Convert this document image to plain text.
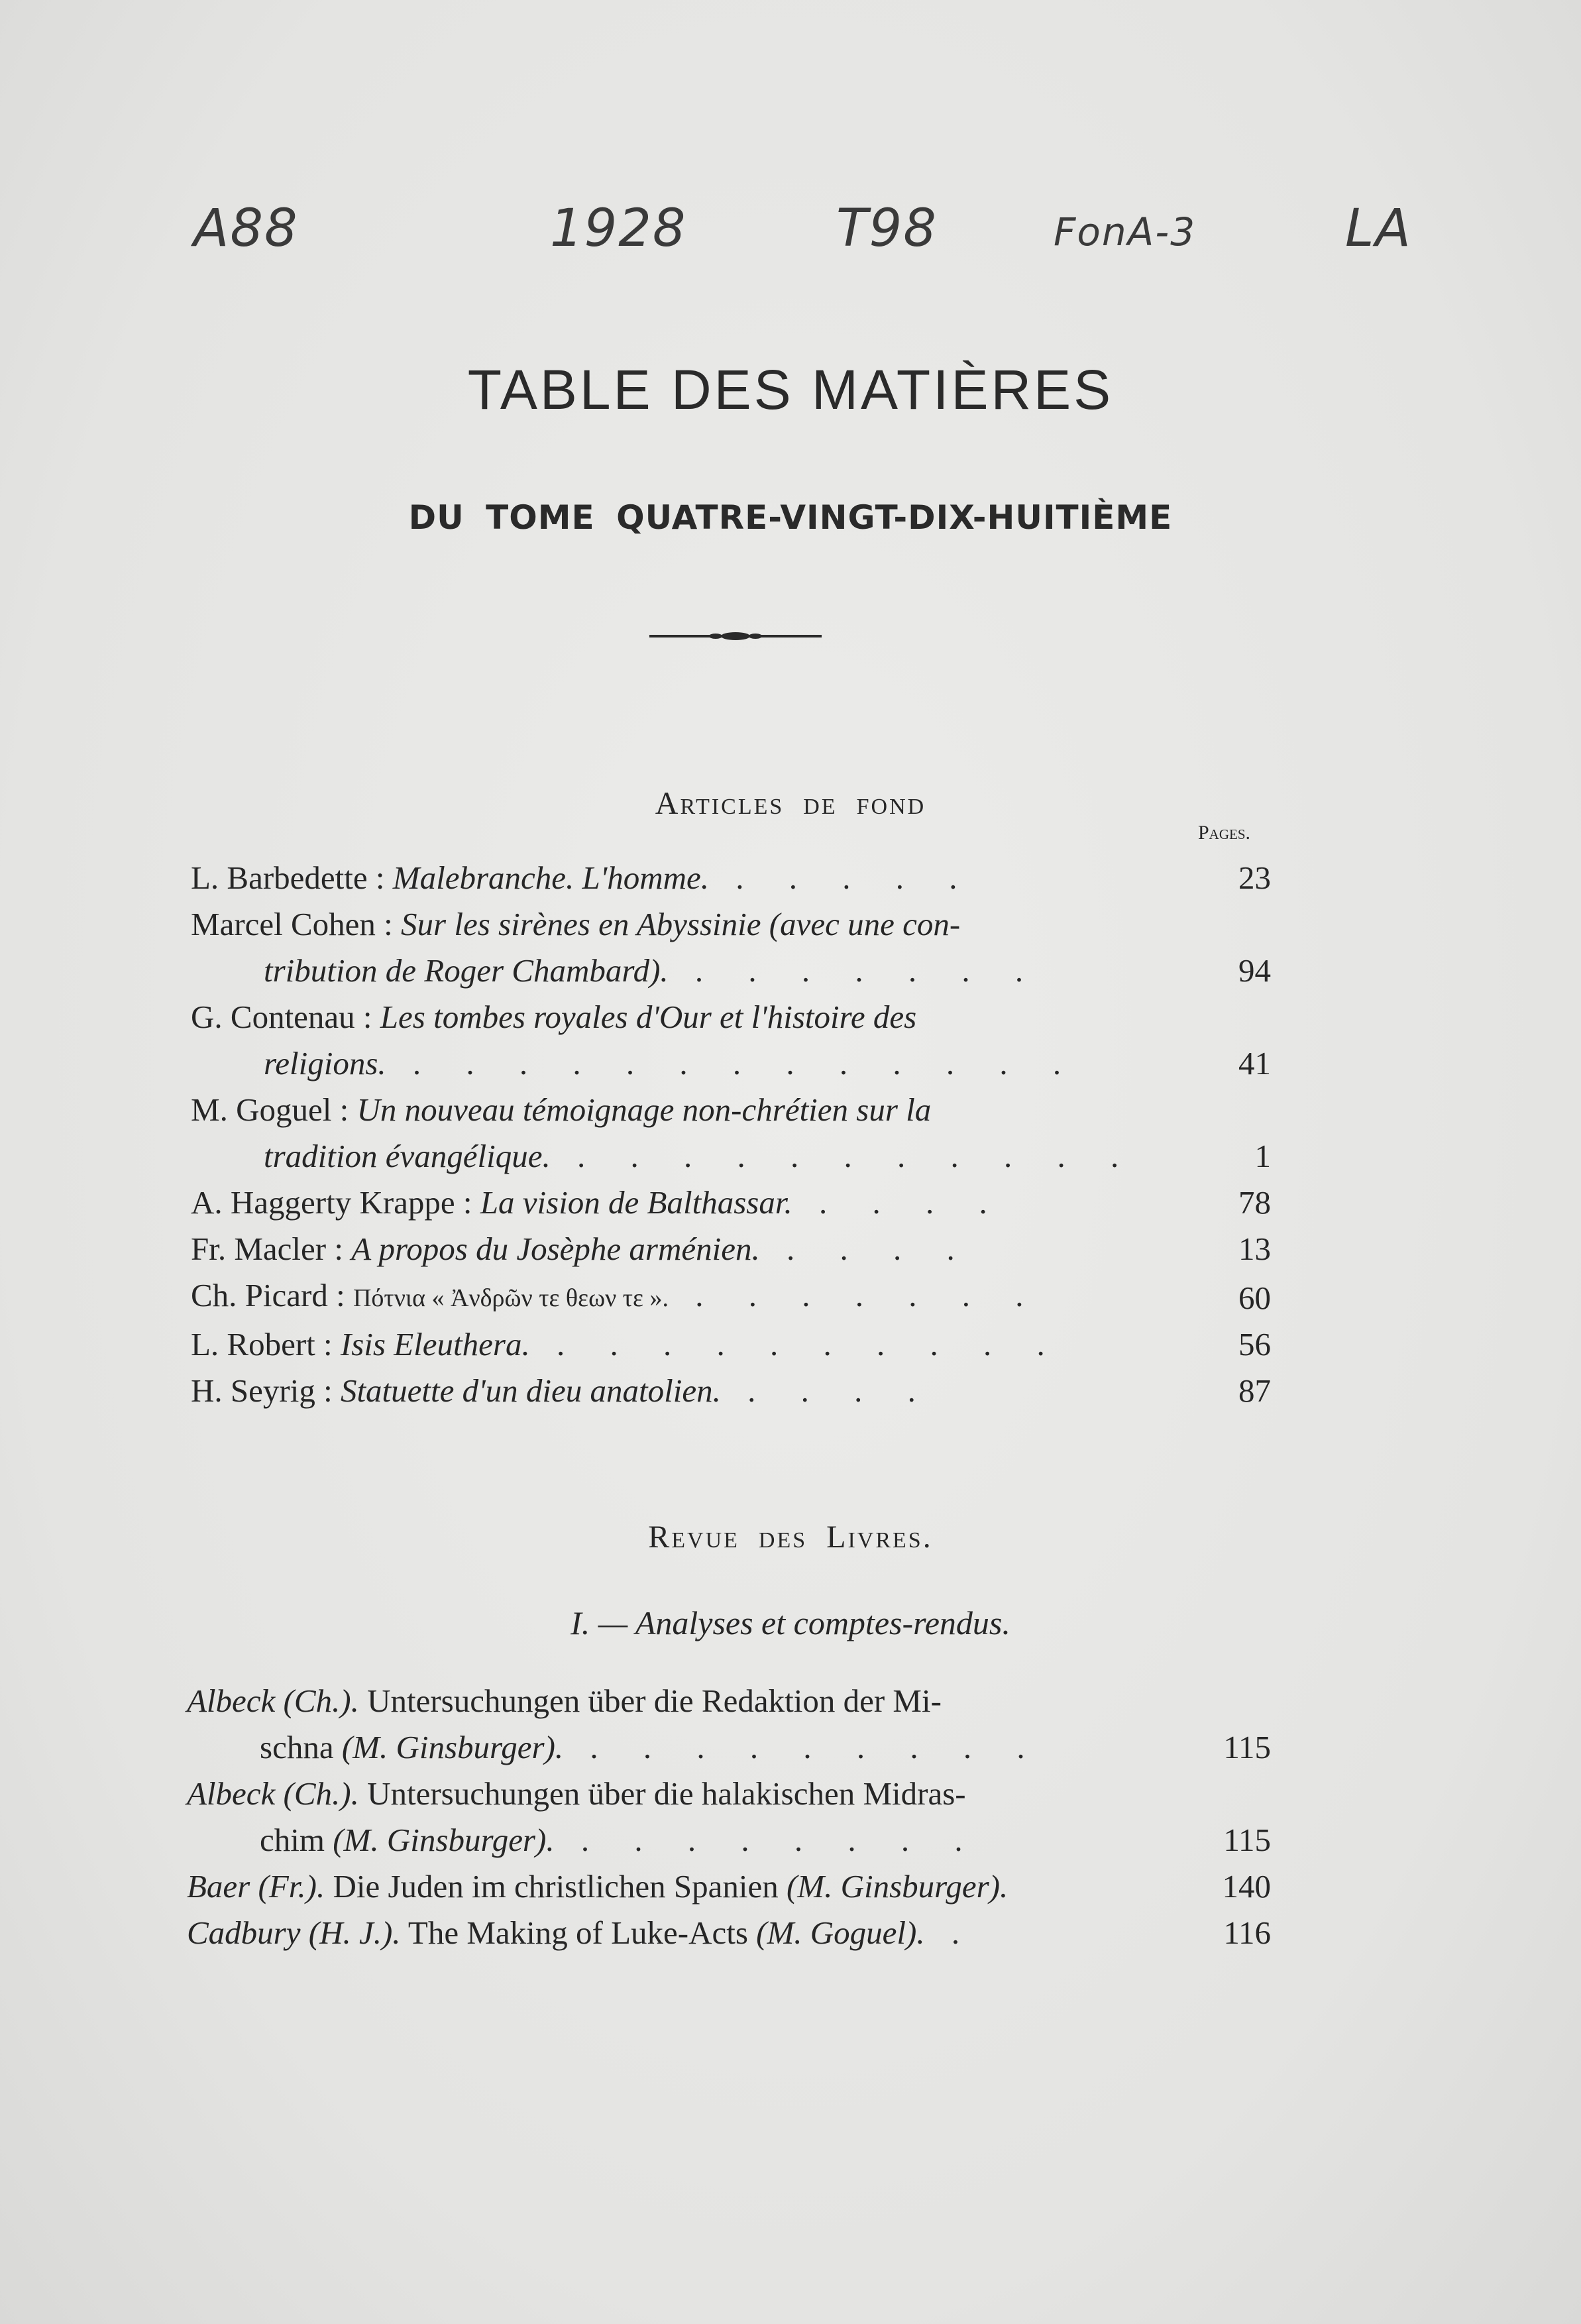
A88	1928	T98	FonA-3	LA
TABLE DES MATIÈRES
DU TOME QUATRE-VINGT-DIX-HUITIÈME
Articles de fond
Pages.
L. Barbedette : Malebranche. L'homme. . . . . .	23
Marcel Cohen : Sur les sirènes en Abyssinie (avec une con-
tribution de Roger Chambard). . . . . . . .	94
G. Contenau : Les tombes royales d'Our et l'histoire des
religions. . . . . . . . . . . . . .	41
M. Goguel : Un nouveau témoignage non-chrétien sur la
tradition évangélique. . . . . . . . . . . .	1
A. Haggerty Krappe : La vision de Balthassar. . . . .	78
Fr. Macler : A propos du Josèphe arménien. . . . .	13
Ch. Picard : Πότνια « Ἀνδρῶν τε θεων τε ». . . . . . . .	60
L. Robert : Isis Eleuthera. . . . . . . . . . .	56
H. Seyrig : Statuette d'un dieu anatolien. . . . .	87
Revue des Livres.
I. — Analyses et comptes-rendus.
Albeck (Ch.). Untersuchungen über die Redaktion der Mi-
schna (M. Ginsburger). . . . . . . . . .	115
Albeck (Ch.). Untersuchungen über die halakischen Midras-
chim (M. Ginsburger). . . . . . . . .	115
Baer (Fr.). Die Juden im christlichen Spanien (M. Ginsburger).	140
Cadbury (H. J.). The Making of Luke-Acts (M. Goguel). .	116
